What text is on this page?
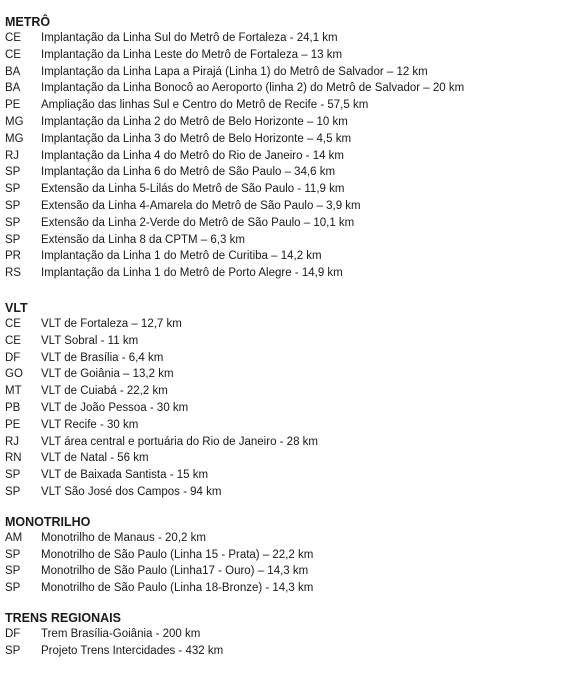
METRÔ
CE	Implantação da Linha Sul do Metrô de Fortaleza - 24,1 km
CE	Implantação da Linha Leste do Metrô de Fortaleza – 13 km
BA	Implantação da Linha Lapa a Pirajá (Linha 1) do Metrô de Salvador – 12 km
BA	Implantação da Linha Bonocô ao Aeroporto (linha 2) do Metrô de Salvador – 20 km
PE	Ampliação das linhas Sul e Centro do Metrô de Recife - 57,5 km
MG	Implantação da Linha 2 do Metrô de Belo Horizonte – 10 km
MG	Implantação da Linha 3 do Metrô de Belo Horizonte – 4,5 km
RJ	Implantação da Linha 4 do Metrô do Rio de Janeiro - 14 km
SP	Implantação da Linha 6 do Metrô de São Paulo – 34,6 km
SP	Extensão da Linha 5-Lilás do Metrô de São Paulo - 11,9 km
SP	Extensão da Linha 4-Amarela do Metrô de São Paulo – 3,9 km
SP	Extensão da Linha 2-Verde do Metrô de São Paulo – 10,1 km
SP	Extensão da Linha 8 da CPTM – 6,3 km
PR	Implantação da Linha 1 do Metrô de Curitiba – 14,2 km
RS	Implantação da Linha 1 do Metrô de Porto Alegre - 14,9 km
VLT
CE	VLT de Fortaleza – 12,7 km
CE	VLT Sobral - 11 km
DF	VLT de Brasília - 6,4 km
GO	VLT de Goiânia – 13,2 km
MT	VLT de Cuiabá - 22,2 km
PB	VLT de João Pessoa - 30 km
PE	VLT Recife - 30 km
RJ	VLT área central e portuária do Rio de Janeiro - 28 km
RN	VLT de Natal - 56 km
SP	VLT de Baixada Santista - 15 km
SP	VLT São José dos Campos - 94 km
MONOTRILHO
AM	Monotrilho de Manaus - 20,2 km
SP	Monotrilho de São Paulo (Linha 15 - Prata) – 22,2 km
SP	Monotrilho de São Paulo (Linha17 - Ouro) – 14,3 km
SP	Monotrilho de São Paulo (Linha 18-Bronze) - 14,3 km
TRENS REGIONAIS
DF	Trem Brasília-Goiânia - 200 km
SP	Projeto Trens Intercidades - 432 km
